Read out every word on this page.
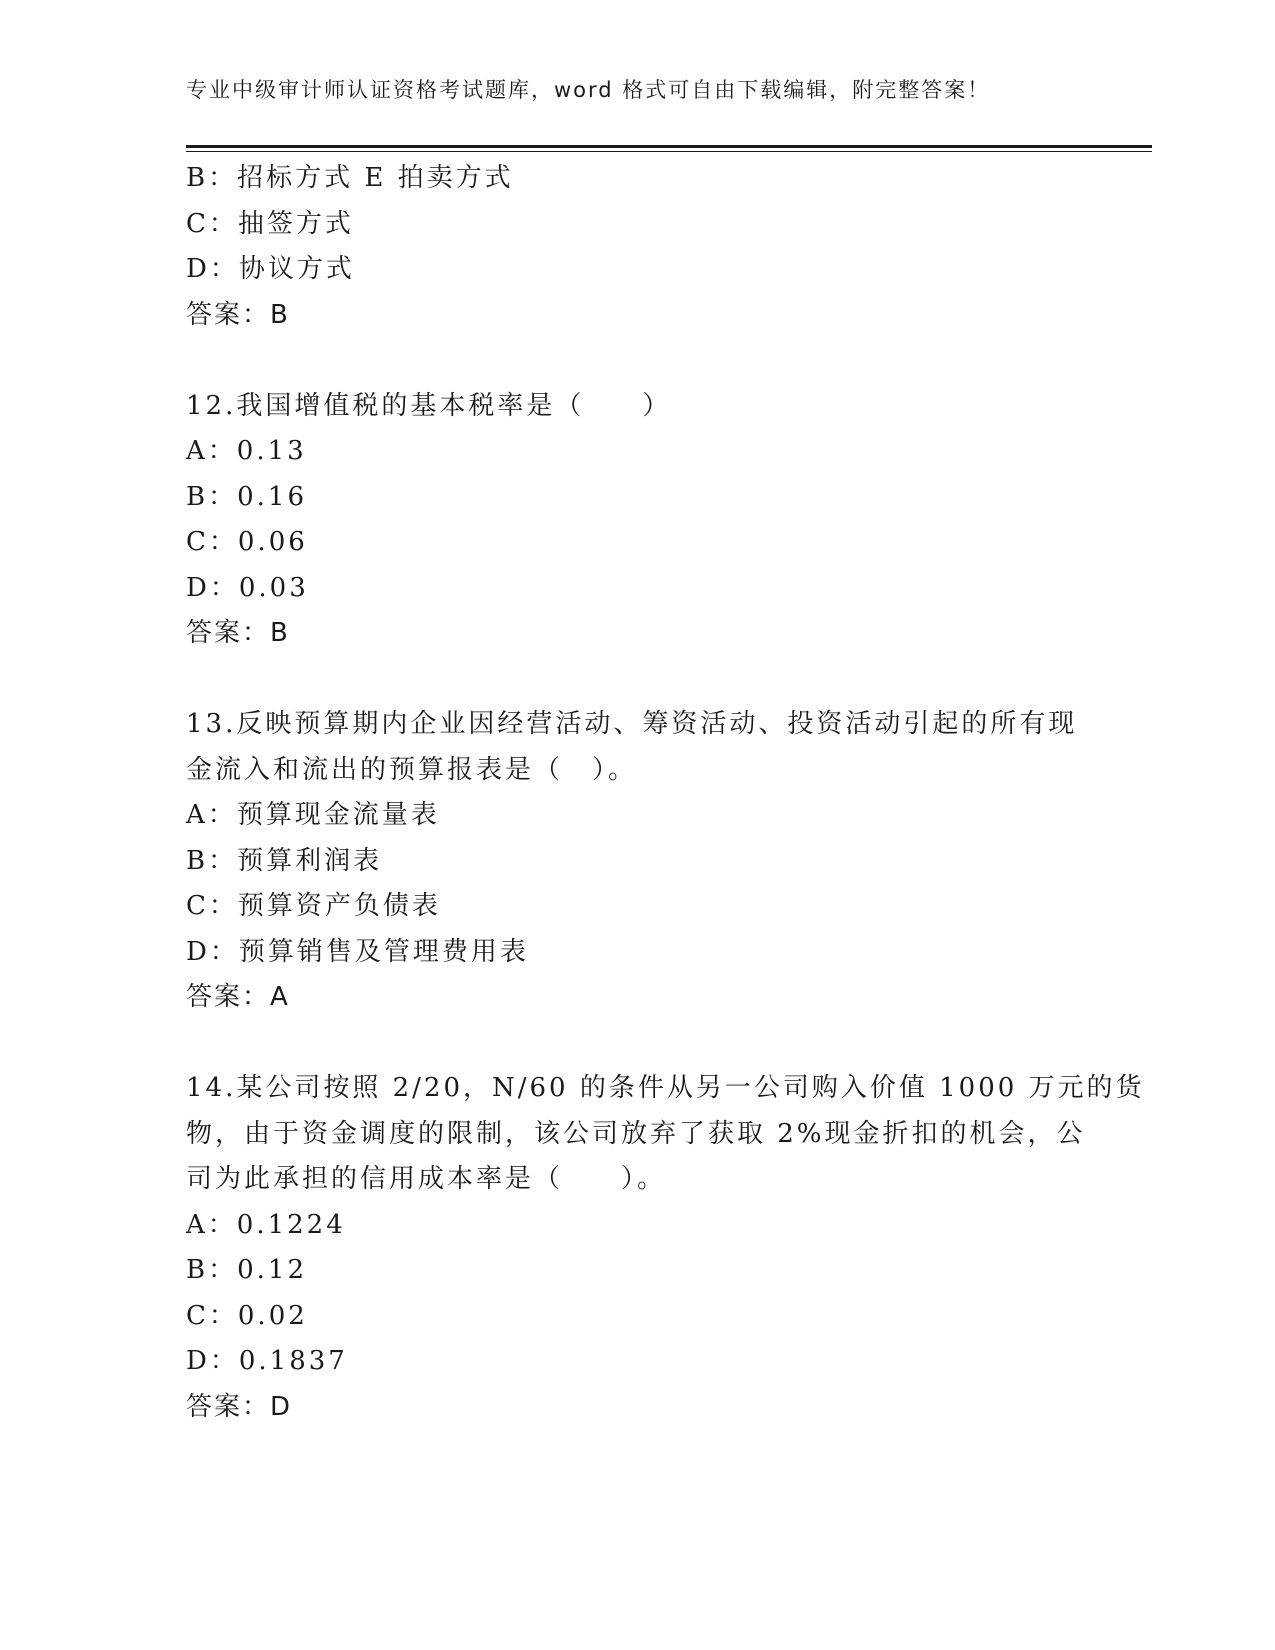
专业中级审计师认证资格考试题库，word 格式可自由下载编辑，附完整答案！
B：招标方式 E 拍卖方式
C：抽签方式
D：协议方式
答案：B
12.我国增值税的基本税率是（　　）
A：0.13
B：0.16
C：0.06
D：0.03
答案：B
13.反映预算期内企业因经营活动、筹资活动、投资活动引起的所有现
金流入和流出的预算报表是（　）。
A：预算现金流量表
B：预算利润表
C：预算资产负债表
D：预算销售及管理费用表
答案：A
14.某公司按照 2/20，N/60 的条件从另一公司购入价值 1000 万元的货
物，由于资金调度的限制，该公司放弃了获取 2%现金折扣的机会，公
司为此承担的信用成本率是（　　）。
A：0.1224
B：0.12
C：0.02
D：0.1837
答案：D
